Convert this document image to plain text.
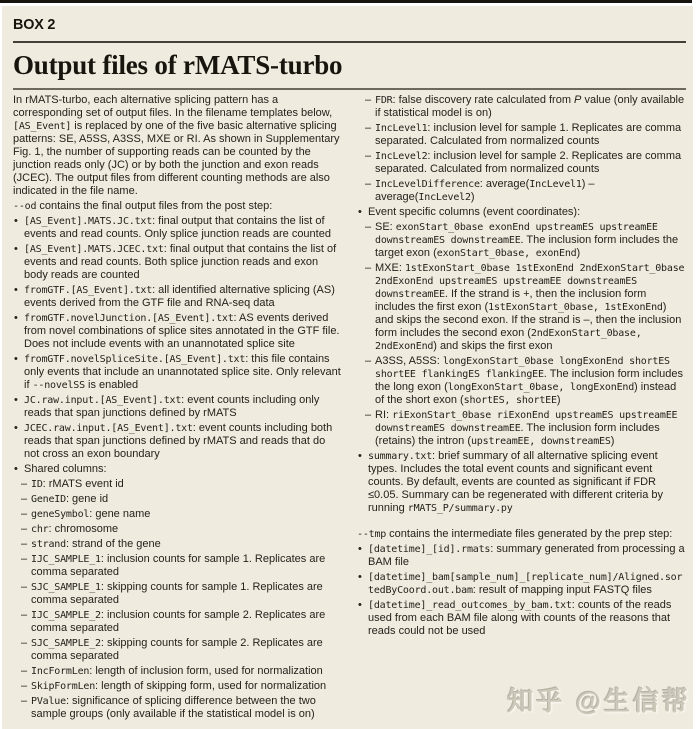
BOX 2
Output files of rMATS-turbo
In rMATS-turbo, each alternative splicing pattern has a corresponding set of output files. In the filename templates below, [AS_Event] is replaced by one of the five basic alternative splicing patterns: SE, A5SS, A3SS, MXE or RI. As shown in Supplementary Fig. 1, the number of supporting reads can be counted by the junction reads only (JC) or by both the junction and exon reads (JCEC). The output files from different counting methods are also indicated in the file name.
--od contains the final output files from the post step:
• [AS_Event].MATS.JC.txt: final output that contains the list of events and read counts. Only splice junction reads are counted
• [AS_Event].MATS.JCEC.txt: final output that contains the list of events and read counts. Both splice junction reads and exon body reads are counted
• fromGTF.[AS_Event].txt: all identified alternative splicing (AS) events derived from the GTF file and RNA-seq data
• fromGTF.novelJunction.[AS_Event].txt: AS events derived from novel combinations of splice sites annotated in the GTF file. Does not include events with an unannotated splice site
• fromGTF.novelSpliceSite.[AS_Event].txt: this file contains only events that include an unannotated splice site. Only relevant if --novelSS is enabled
• JC.raw.input.[AS_Event].txt: event counts including only reads that span junctions defined by rMATS
• JCEC.raw.input.[AS_Event].txt: event counts including both reads that span junctions defined by rMATS and reads that do not cross an exon boundary
• Shared columns:
– ID: rMATS event id
– GeneID: gene id
– geneSymbol: gene name
– chr: chromosome
– strand: strand of the gene
– IJC_SAMPLE_1: inclusion counts for sample 1. Replicates are comma separated
– SJC_SAMPLE_1: skipping counts for sample 1. Replicates are comma separated
– IJC_SAMPLE_2: inclusion counts for sample 2. Replicates are comma separated
– SJC_SAMPLE_2: skipping counts for sample 2. Replicates are comma separated
– IncFormLen: length of inclusion form, used for normalization
– SkipFormLen: length of skipping form, used for normalization
– PValue: significance of splicing difference between the two sample groups (only available if the statistical model is on)
– FDR: false discovery rate calculated from P value (only available if statistical model is on)
– IncLevel1: inclusion level for sample 1. Replicates are comma separated. Calculated from normalized counts
– IncLevel2: inclusion level for sample 2. Replicates are comma separated. Calculated from normalized counts
– IncLevelDifference: average(IncLevel1) – average(IncLevel2)
• Event specific columns (event coordinates):
– SE: exonStart_0base exonEnd upstreamES upstreamEE downstreamES downstreamEE. The inclusion form includes the target exon (exonStart_0base, exonEnd)
– MXE: 1stExonStart_0base 1stExonEnd 2ndExonStart_0base 2ndExonEnd upstreamES upstreamEE downstreamES downstreamEE. If the strand is +, then the inclusion form includes the first exon (1stExonStart_0base, 1stExonEnd) and skips the second exon. If the strand is –, then the inclusion form includes the second exon (2ndExonStart_0base, 2ndExonEnd) and skips the first exon
– A3SS, A5SS: longExonStart_0base longExonEnd shortES shortEE flankingES flankingEE. The inclusion form includes the long exon (longExonStart_0base, longExonEnd) instead of the short exon (shortES, shortEE)
– RI: riExonStart_0base riExonEnd upstreamES upstreamEE downstreamES downstreamEE. The inclusion form includes (retains) the intron (upstreamEE, downstreamES)
• summary.txt: brief summary of all alternative splicing event types. Includes the total event counts and significant event counts. By default, events are counted as significant if FDR ≤0.05. Summary can be regenerated with different criteria by running rMATS_P/summary.py
--tmp contains the intermediate files generated by the prep step:
• [datetime]_[id].rmats: summary generated from processing a BAM file
• [datetime]_bam[sample_num]_[replicate_num]/Aligned.sortedByCoord.out.bam: result of mapping input FASTQ files
• [datetime]_read_outcomes_by_bam.txt: counts of the reads used from each BAM file along with counts of the reasons that reads could not be used
知乎 @生信帮
